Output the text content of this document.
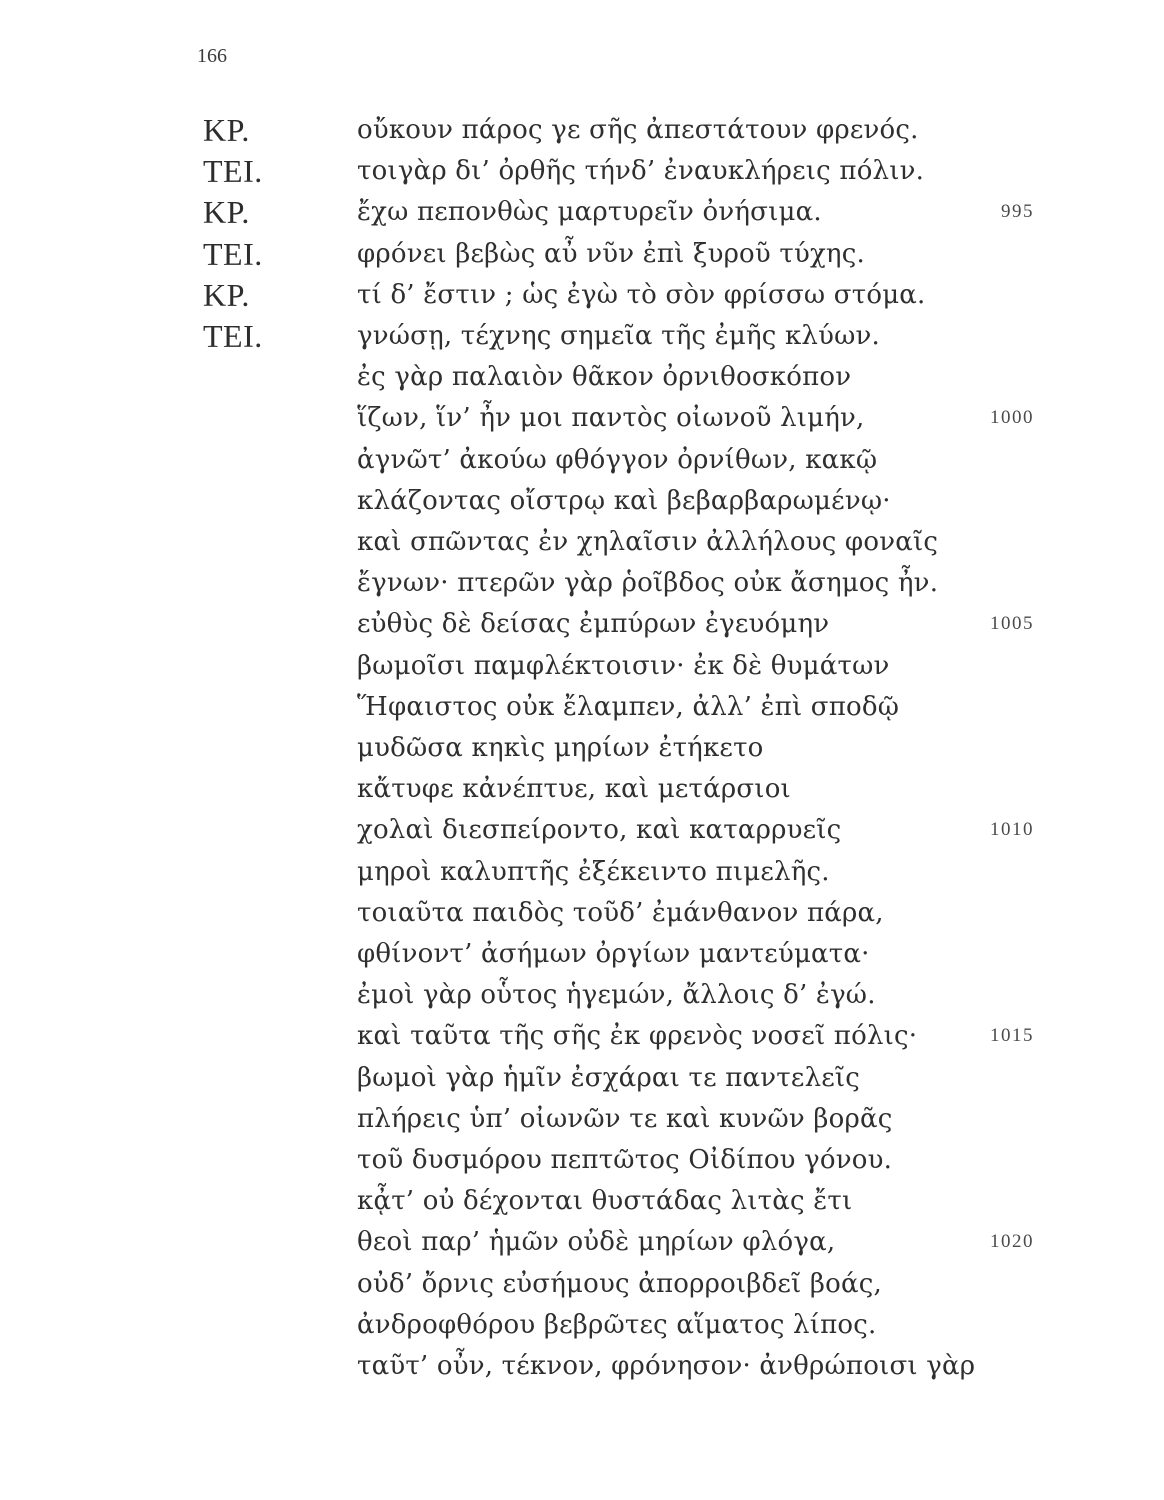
166
ΚΡ.	οὔκουν πάρος γε σῆς ἀπεστάτουν φρενός.
ΤΕΙ.	τοιγὰρ δι’ ὀρθῆς τήνδ’ ἐναυκλήρεις πόλιν.
ΚΡ.	ἔχω πεπονθὼς μαρτυρεῖν ὀνήσιμα.	995
ΤΕΙ.	φρόνει βεβὼς αὖ νῦν ἐπὶ ξυροῦ τύχης.
ΚΡ.	τί δ’ ἔστιν ; ὡς ἐγὼ τὸ σὸν φρίσσω στόμα.
ΤΕΙ.	γνώσῃ, τέχνης σημεῖα τῆς ἐμῆς κλύων.
ἐς γὰρ παλαιὸν θᾶκον ὀρνιθοσκόπον
ἵζων, ἵν’ ἦν μοι παντὸς οἰωνοῦ λιμήν,	1000
ἀγνῶτ’ ἀκούω φθόγγον ὀρνίθων, κακῷ
κλάζοντας οἴστρῳ καὶ βεβαρβαρωμένῳ·
καὶ σπῶντας ἐν χηλαῖσιν ἀλλήλους φοναῖς
ἔγνων· πτερῶν γὰρ ῥοῖβδος οὐκ ἄσημος ἦν.
εὐθὺς δὲ δείσας ἐμπύρων ἐγευόμην	1005
βωμοῖσι παμφλέκτοισιν· ἐκ δὲ θυμάτων
Ἥφαιστος οὐκ ἔλαμπεν, ἀλλ’ ἐπὶ σποδῷ
μυδῶσα κηκὶς μηρίων ἐτήκετο
κἄτυφε κἀνέπτυε, καὶ μετάρσιοι
χολαὶ διεσπείροντο, καὶ καταρρυεῖς	1010
μηροὶ καλυπτῆς ἐξέκειντο πιμελῆς.
τοιαῦτα παιδὸς τοῦδ’ ἐμάνθανον πάρα,
φθίνοντ’ ἀσήμων ὀργίων μαντεύματα·
ἐμοὶ γὰρ οὗτος ἡγεμών, ἄλλοις δ’ ἐγώ.
καὶ ταῦτα τῆς σῆς ἐκ φρενὸς νοσεῖ πόλις·	1015
βωμοὶ γὰρ ἡμῖν ἐσχάραι τε παντελεῖς
πλήρεις ὑπ’ οἰωνῶν τε καὶ κυνῶν βορᾶς
τοῦ δυσμόρου πεπτῶτος Οἰδίπου γόνου.
κᾆτ’ οὐ δέχονται θυστάδας λιτὰς ἔτι
θεοὶ παρ’ ἡμῶν οὐδὲ μηρίων φλόγα,	1020
οὐδ’ ὄρνις εὐσήμους ἀπορροιβδεῖ βοάς,
ἀνδροφθόρου βεβρῶτες αἵματος λίπος.
ταῦτ’ οὖν, τέκνον, φρόνησον· ἀνθρώποισι γὰρ
